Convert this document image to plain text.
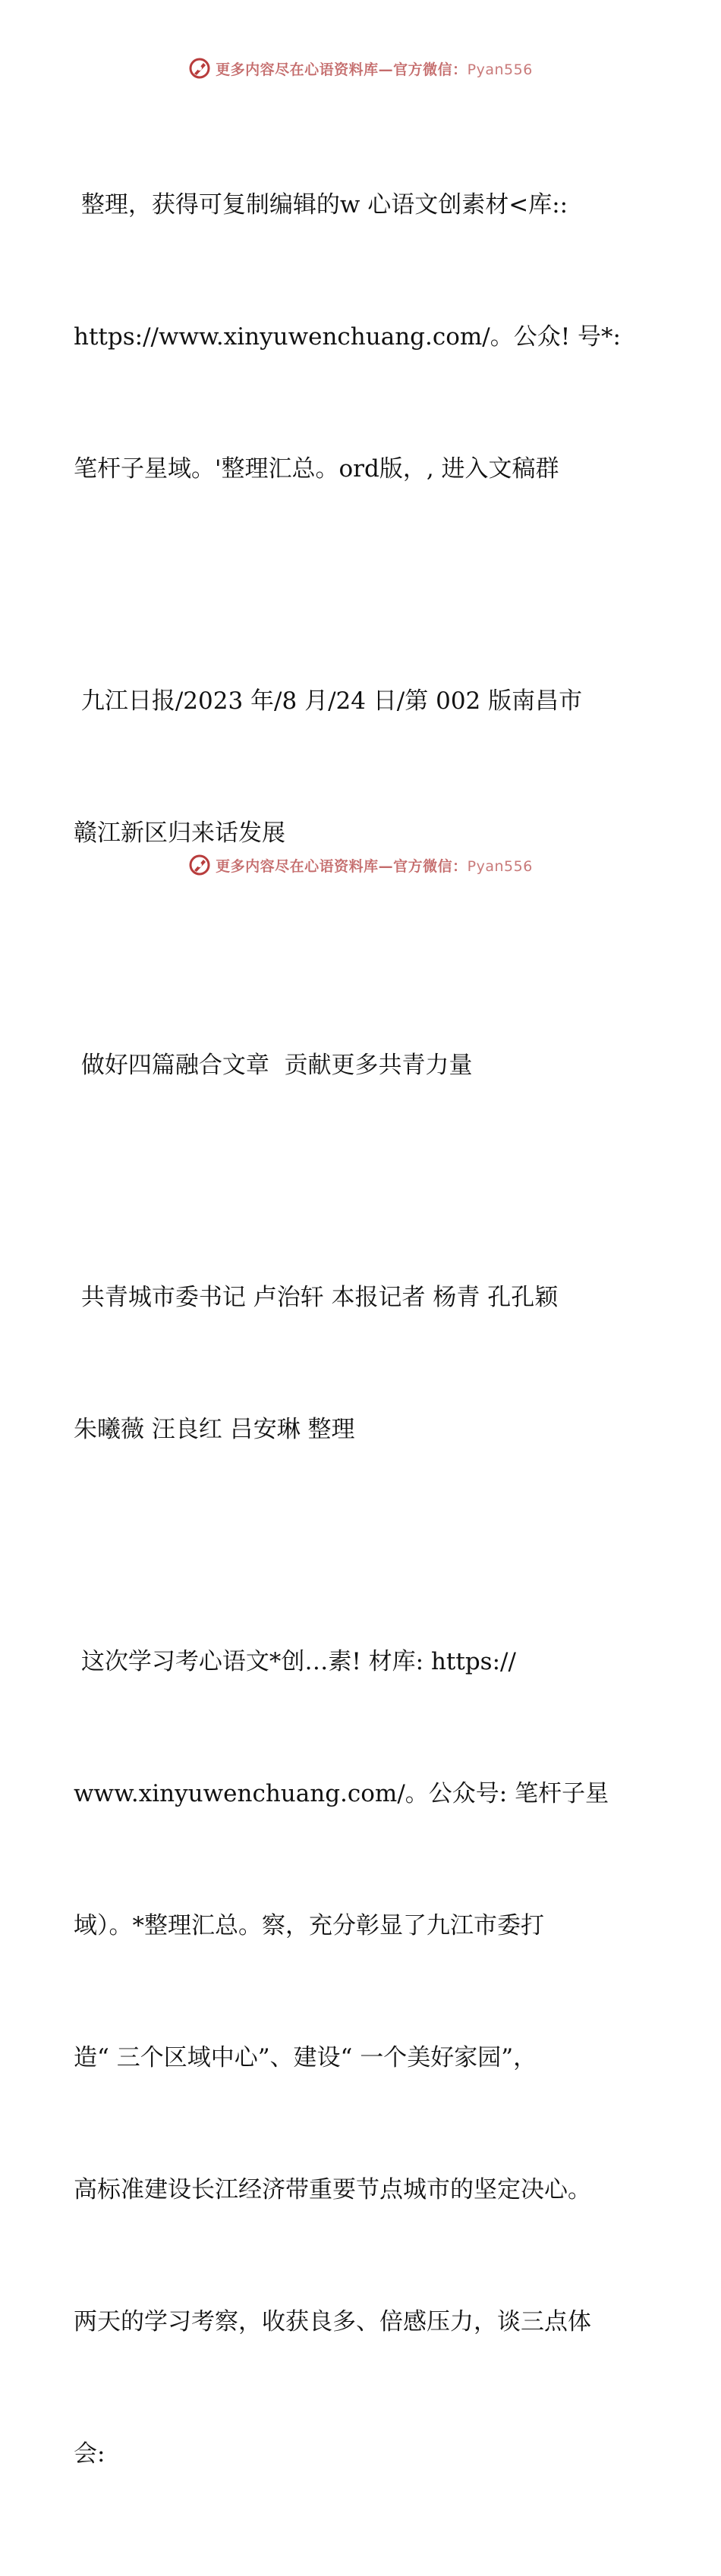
更多内容尽在心语资料库—官方微信：Pyan556

整理，获得可复制编辑的w 心语文创素材<库::

https://www.xinyuwenchuang.com/。公众! 号*:

笔杆子星域。'整理汇总。ord版，, 进入文稿群

九江日报/2023 年/8 月/24 日/第 002 版南昌市

赣江新区归来话发展

做好四篇融合文章  贡献更多共青力量

共青城市委书记 卢治轩 本报记者 杨青 孔孔颖

朱曦薇 汪良红 吕安琳 整理

这次学习考心语文*创…素! 材库: https://

www.xinyuwenchuang.com/。公众号: 笔杆子星

域）。*整理汇总。察，充分彰显了九江市委打

造“ 三个区域中心”、建设“ 一个美好家园”，

高标准建设长江经济带重要节点城市的坚定决心。

两天的学习考察，收获良多、倍感压力，谈三点体

会:

更多内容尽在心语资料库—官方微信：Pyan556
